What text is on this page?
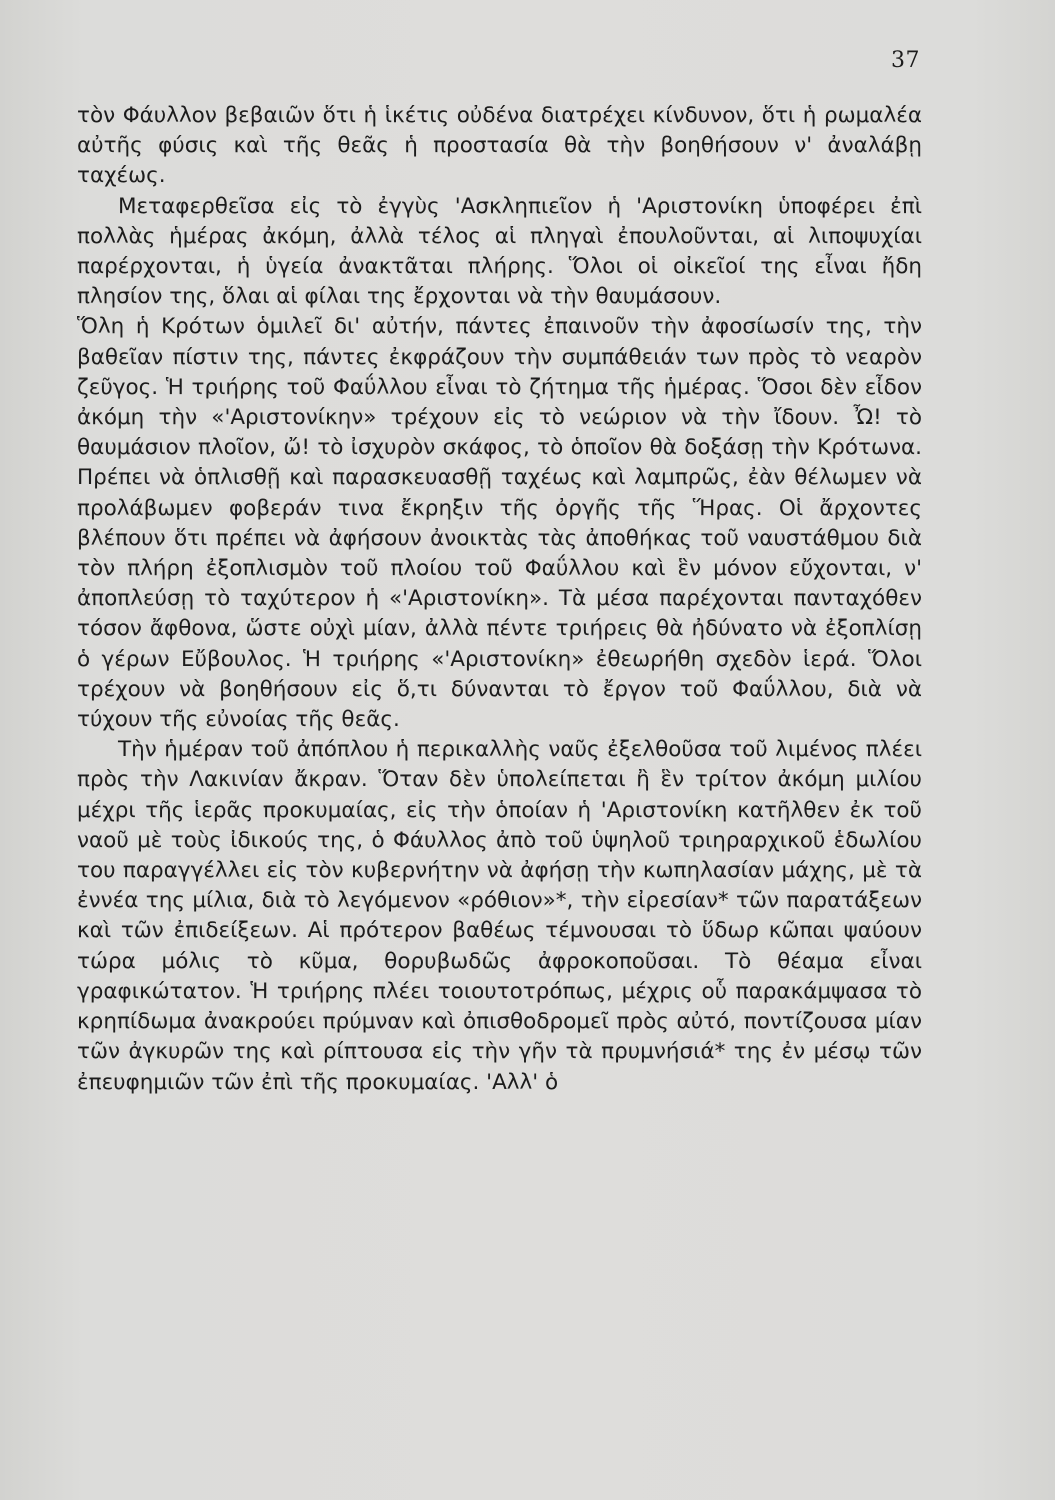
37

τὸν Φάυλλον βεβαιῶν ὅτι ἡ ἱκέτις οὐδένα διατρέχει κίνδυνον, ὅτι ἡ ρωμαλέα αὐτῆς φύσις καὶ τῆς θεᾶς ἡ προστασία θὰ τὴν βοηθήσουν ν' ἀναλάβῃ ταχέως.

Μεταφερθεῖσα εἰς τὸ ἐγγὺς 'Ασκληπιεῖον ἡ 'Αριστονίκη ὑποφέρει ἐπὶ πολλὰς ἡμέρας ἀκόμη, ἀλλὰ τέλος αἱ πληγαὶ ἐπουλοῦνται, αἱ λιποψυχίαι παρέρχονται, ἡ ὑγεία ἀνακτᾶται πλήρης. Ὅλοι οἱ οἰκεῖοί της εἶναι ἤδη πλησίον της, ὅλαι αἱ φίλαι της ἔρχονται νὰ τὴν θαυμάσουν.

Ὅλη ἡ Κρότων ὁμιλεῖ δι' αὐτήν, πάντες ἐπαινοῦν τὴν ἀφοσίωσίν της, τὴν βαθεῖαν πίστιν της, πάντες ἐκφράζουν τὴν συμπάθειάν των πρὸς τὸ νεαρὸν ζεῦγος. Ἡ τριήρης τοῦ Φαΰλλου εἶναι τὸ ζήτημα τῆς ἡμέρας. Ὅσοι δὲν εἶδον ἀκόμη τὴν «'Αριστονίκην» τρέχουν εἰς τὸ νεώριον νὰ τὴν ἴδουν. Ὦ! τὸ θαυμάσιον πλοῖον, ὤ! τὸ ἰσχυρὸν σκάφος, τὸ ὁποῖον θὰ δοξάσῃ τὴν Κρότωνα. Πρέπει νὰ ὁπλισθῇ καὶ παρασκευασθῇ ταχέως καὶ λαμπρῶς, ἐὰν θέλωμεν νὰ προλάβωμεν φοβεράν τινα ἔκρηξιν τῆς ὀργῆς τῆς Ἥρας. Οἱ ἄρχοντες βλέπουν ὅτι πρέπει νὰ ἀφήσουν ἀνοικτὰς τὰς ἀποθήκας τοῦ ναυστάθμου διὰ τὸν πλήρη ἐξοπλισμὸν τοῦ πλοίου τοῦ Φαΰλλου καὶ ἓν μόνον εὔχονται, ν' ἀποπλεύσῃ τὸ ταχύτερον ἡ «'Αριστονίκη». Τὰ μέσα παρέχονται πανταχόθεν τόσον ἄφθονα, ὥστε οὐχὶ μίαν, ἀλλὰ πέντε τριήρεις θὰ ἠδύνατο νὰ ἐξοπλίσῃ ὁ γέρων Εὔβουλος. Ἡ τριήρης «'Αριστονίκη» ἐθεωρήθη σχεδὸν ἱερά. Ὅλοι τρέχουν νὰ βοηθήσουν εἰς ὅ,τι δύνανται τὸ ἔργον τοῦ Φαΰλλου, διὰ νὰ τύχουν τῆς εὐνοίας τῆς θεᾶς.

Τὴν ἡμέραν τοῦ ἀπόπλου ἡ περικαλλὴς ναῦς ἐξελθοῦσα τοῦ λιμένος πλέει πρὸς τὴν Λακινίαν ἄκραν. Ὅταν δὲν ὑπολείπεται ἢ ἓν τρίτον ἀκόμη μιλίου μέχρι τῆς ἱερᾶς προκυμαίας, εἰς τὴν ὁποίαν ἡ 'Αριστονίκη κατῆλθεν ἐκ τοῦ ναοῦ μὲ τοὺς ἰδικούς της, ὁ Φάυλλος ἀπὸ τοῦ ὑψηλοῦ τριηραρχικοῦ ἑδωλίου του παραγγέλλει εἰς τὸν κυβερνήτην νὰ ἀφήσῃ τὴν κωπηλασίαν μάχης, μὲ τὰ ἐννέα της μίλια, διὰ τὸ λεγόμενον «ρόθιον»*, τὴν εἰρεσίαν* τῶν παρατάξεων καὶ τῶν ἐπιδείξεων. Αἱ πρότερον βαθέως τέμνουσαι τὸ ὕδωρ κῶπαι ψαύουν τώρα μόλις τὸ κῦμα, θορυβωδῶς ἀφροκοποῦσαι. Τὸ θέαμα εἶναι γραφικώτατον. Ἡ τριήρης πλέει τοιουτοτρόπως, μέχρις οὗ παρακάμψασα τὸ κρηπίδωμα ἀνακρούει πρύμναν καὶ ὀπισθοδρομεῖ πρὸς αὐτό, ποντίζουσα μίαν τῶν ἀγκυρῶν της καὶ ρίπτουσα εἰς τὴν γῆν τὰ πρυμνήσιά* της ἐν μέσῳ τῶν ἐπευφημιῶν τῶν ἐπὶ τῆς προκυμαίας. 'Αλλ' ὁ
